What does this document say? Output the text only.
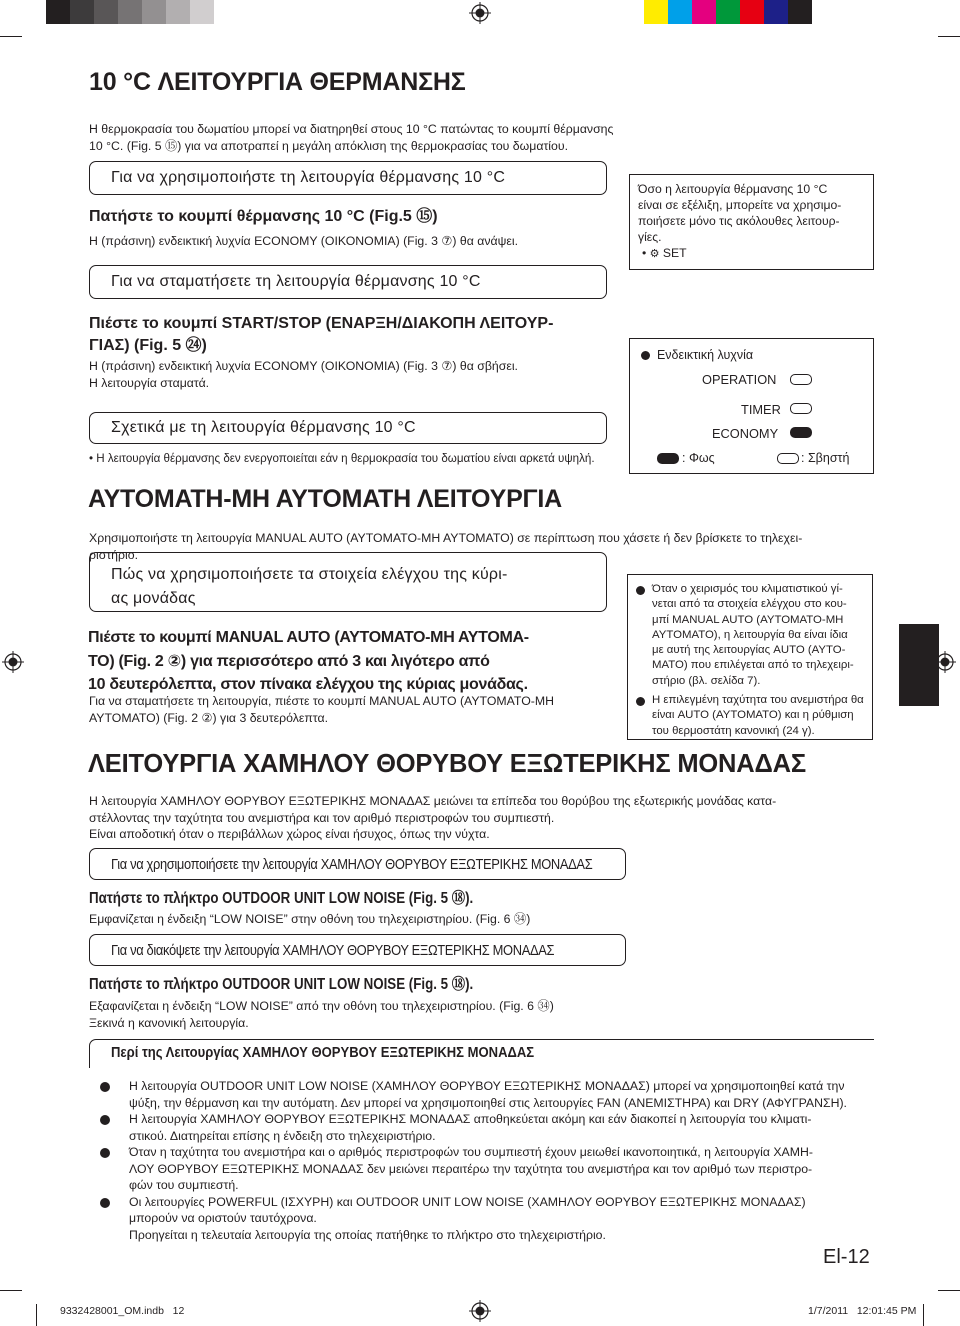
10 °C ΛΕΙΤΟΥΡΓΙΑ ΘΕΡΜΑΝΣΗΣ

Η θερμοκρασία του δωματίου μπορεί να διατηρηθεί στους 10 °C πατώντας το κουμπί θέρμανσης

10 °C. (Fig. 5 ⑮) για να αποτραπεί η μεγάλη απόκλιση της θερμοκρασίας του δωματίου.

Για να χρησιμοποιήστε τη λειτουργία θέρμανσης 10 °C
Πατήστε το κουμπί θέρμανσης 10 °C (Fig.5 ⑮)
Η (πράσινη) ενδεικτική λυχνία ECONOMY (ΟΙΚΟΝΟΜΙΑ) (Fig. 3 ⑦) θα ανάψει.
Για να σταματήσετε τη λειτουργία θέρμανσης 10 °C
Πιέστε το κουμπί START/STOP (ΕΝΑΡΞΗ/ΔΙΑΚΟΠΗ ΛΕΙΤΟΥΡ-
ΓΙΑΣ) (Fig. 5 ㉔)

Η (πράσινη) ενδεικτική λυχνία ECONOMY (ΟΙΚΟΝΟΜΙΑ) (Fig. 3 ⑦) θα σβήσει.

Η λειτουργία σταματά.

Σχετικά με τη λειτουργία θέρμανσης 10 °C
• Η λειτουργία θέρμανσης δεν ενεργοποιείται εάν η θερμοκρασία του δωματίου είναι αρκετά υψηλή.

Όσο η λειτουργία θέρμανσης 10 °C

είναι σε εξέλιξη, μπορείτε να χρησιμο-

ποιήσετε μόνο τις ακόλουθες λειτουρ-

γίες.

• ⚙ SET

Ενδεικτική λυχνία
OPERATION
TIMER
ECONOMY
: Φως	: Σβηστή
ΑΥΤΟΜΑΤΗ-ΜΗ ΑΥΤΟΜΑΤΗ ΛΕΙΤΟΥΡΓΙΑ

Χρησιμοποιήστε τη λειτουργία MANUAL AUTO (ΑΥΤΟΜΑΤΟ-ΜΗ ΑΥΤΟΜΑΤΟ) σε περίπτωση που χάσετε ή δεν βρίσκετε το τηλεχει-

ριστήριο.

Πώς να χρησιμοποιήσετε τα στοιχεία ελέγχου της κύρι-
ας μονάδας
Πιέστε το κουμπί MANUAL AUTO (ΑΥΤΟΜΑΤΟ-ΜΗ ΑΥΤΟΜΑ-
ΤΟ) (Fig. 2 ②) για περισσότερο από 3 και λιγότερο από
10 δευτερόλεπτα, στον πίνακα ελέγχου της κύριας μονάδας.

Για να σταματήσετε τη λειτουργία, πιέστε το κουμπί MANUAL AUTO (ΑΥΤΟΜΑΤΟ-ΜΗ

ΑΥΤΟΜΑΤΟ) (Fig. 2 ②) για 3 δευτερόλεπτα.

Όταν ο χειρισμός του κλιματιστικού γί-

νεται από τα στοιχεία ελέγχου στο κου-

μπί MANUAL AUTO (ΑΥΤΟΜΑΤΟ-ΜΗ

ΑΥΤΟΜΑΤΟ), η λειτουργία θα είναι ίδια

με αυτή της λειτουργίας AUTO (ΑΥΤΟ-

ΜΑΤΟ) που επιλέγεται από το τηλεχειρι-

στήριο (βλ. σελίδα 7).

Η επιλεγμένη ταχύτητα του ανεμιστήρα θα

είναι AUTO (ΑΥΤΟΜΑΤΟ) και η ρύθμιση

του θερμοστάτη κανονική (24 γ).

ΛΕΙΤΟΥΡΓΙΑ ΧΑΜΗΛΟΥ ΘΟΡΥΒΟΥ ΕΞΩΤΕΡΙΚΗΣ ΜΟΝΑΔΑΣ

Η λειτουργία ΧΑΜΗΛΟΥ ΘΟΡΥΒΟΥ ΕΞΩΤΕΡΙΚΗΣ ΜΟΝΑΔΑΣ μειώνει τα επίπεδα του θορύβου της εξωτερικής μονάδας κατα-

στέλλοντας την ταχύτητα του ανεμιστήρα και τον αριθμό περιστροφών του συμπιεστή.

Είναι αποδοτική όταν ο περιβάλλων χώρος είναι ήσυχος, όπως την νύχτα.

Για να χρησιμοποιήσετε την λειτουργία ΧΑΜΗΛΟΥ ΘΟΡΥΒΟΥ ΕΞΩΤΕΡΙΚΗΣ ΜΟΝΑΔΑΣ
Πατήστε το πλήκτρο OUTDOOR UNIT LOW NOISE (Fig. 5 ⑱).
Εμφανίζεται η ένδειξη “LOW NOISE” στην οθόνη του τηλεχειριστηρίου. (Fig. 6 ㉞)
Για να διακόψετε την λειτουργία ΧΑΜΗΛΟΥ ΘΟΡΥΒΟΥ ΕΞΩΤΕΡΙΚΗΣ ΜΟΝΑΔΑΣ
Πατήστε το πλήκτρο OUTDOOR UNIT LOW NOISE (Fig. 5 ⑱).

Εξαφανίζεται η ένδειξη “LOW NOISE” από την οθόνη του τηλεχειριστηρίου. (Fig. 6 ㉞)

Ξεκινά η κανονική λειτουργία.

Περί της Λειτουργίας ΧΑΜΗΛΟΥ ΘΟΡΥΒΟΥ ΕΞΩΤΕΡΙΚΗΣ ΜΟΝΑΔΑΣ

Η λειτουργία OUTDOOR UNIT LOW NOISE (ΧΑΜΗΛΟΥ ΘΟΡΥΒΟΥ ΕΞΩΤΕΡΙΚΗΣ ΜΟΝΑΔΑΣ) μπορεί να χρησιμοποιηθεί κατά την

ψύξη, την θέρμανση και την αυτόματη. Δεν μπορεί να χρησιμοποιηθεί στις λειτουργίες FAN (ΑΝΕΜΙΣΤΗΡΑ) και DRY (ΑΦΥΓΡΑΝΣΗ).

Η λειτουργία ΧΑΜΗΛΟΥ ΘΟΡΥΒΟΥ ΕΞΩΤΕΡΙΚΗΣ ΜΟΝΑΔΑΣ αποθηκεύεται ακόμη και εάν διακοπεί η λειτουργία του κλιματι-

στικού. Διατηρείται επίσης η ένδειξη στο τηλεχειριστήριο.

Όταν η ταχύτητα του ανεμιστήρα και ο αριθμός περιστροφών του συμπιεστή έχουν μειωθεί ικανοποιητικά, η λειτουργία ΧΑΜΗ-

ΛΟΥ ΘΟΡΥΒΟΥ ΕΞΩΤΕΡΙΚΗΣ ΜΟΝΑΔΑΣ δεν μειώνει περαιτέρω την ταχύτητα του ανεμιστήρα και τον αριθμό των περιστρο-

φών του συμπιεστή.

Οι λειτουργίες POWERFUL (ΙΣΧΥΡΗ) και OUTDOOR UNIT LOW NOISE (ΧΑΜΗΛΟΥ ΘΟΡΥΒΟΥ ΕΞΩΤΕΡΙΚΗΣ ΜΟΝΑΔΑΣ)

μπορούν να οριστούν ταυτόχρονα.

Προηγείται η τελευταία λειτουργία της οποίας πατήθηκε το πλήκτρο στο τηλεχειριστήριο.

El-12
9332428001_OM.indb   12	1/7/2011   12:01:45 PM
